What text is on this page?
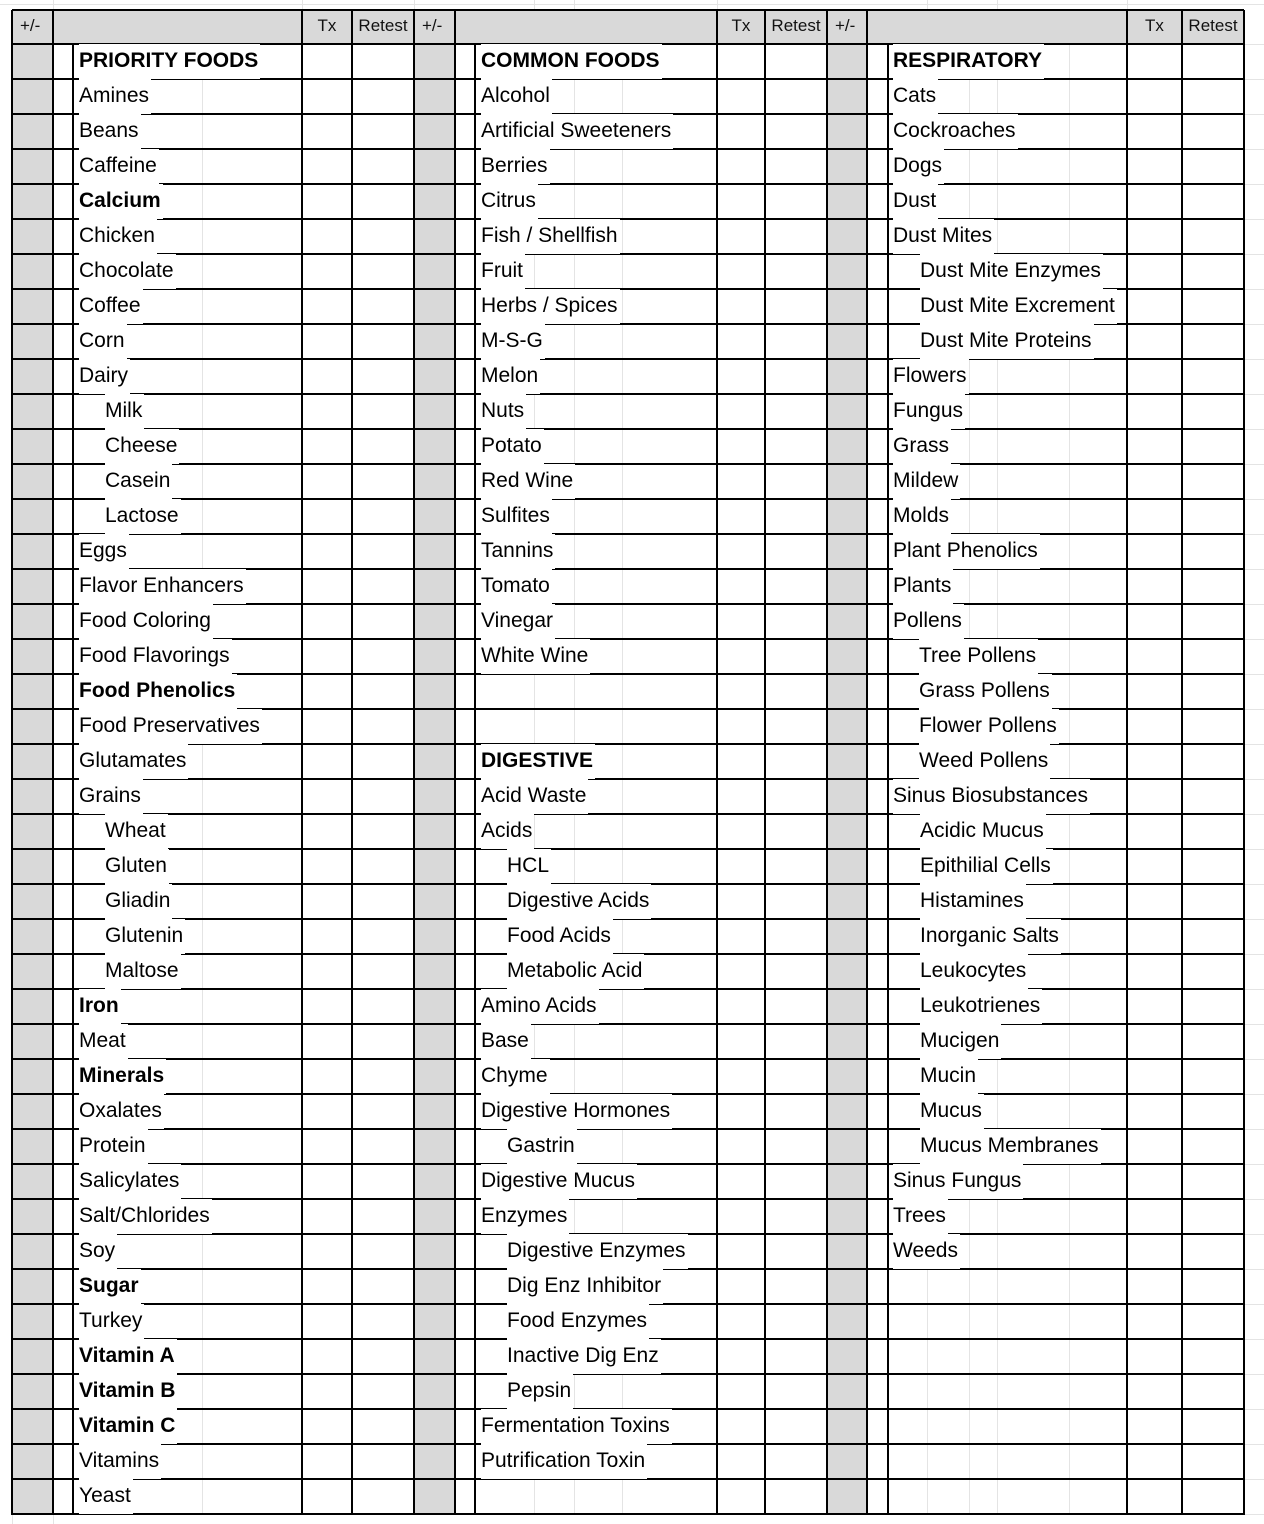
+/-	Tx	Retest
PRIORITY FOODS
Amines
Beans
Caffeine
Calcium
Chicken
Chocolate
Coffee
Corn
Dairy
Milk
Cheese
Casein
Lactose
Eggs
Flavor Enhancers
Food Coloring
Food Flavorings
Food Phenolics
Food Preservatives
Glutamates
Grains
Wheat
Gluten
Gliadin
Glutenin
Maltose
Iron
Meat
Minerals
Oxalates
Protein
Salicylates
Salt/Chlorides
Soy
Sugar
Turkey
Vitamin A
Vitamin B
Vitamin C
Vitamins
Yeast
+/-	Tx	Retest
COMMON FOODS
Alcohol
Artificial Sweeteners
Berries
Citrus
Fish / Shellfish
Fruit
Herbs / Spices
M-S-G
Melon
Nuts
Potato
Red Wine
Sulfites
Tannins
Tomato
Vinegar
White Wine
DIGESTIVE
Acid Waste
Acids
HCL
Digestive Acids
Food Acids
Metabolic Acid
Amino Acids
Base
Chyme
Digestive Hormones
Gastrin
Digestive Mucus
Enzymes
Digestive Enzymes
Dig Enz Inhibitor
Food Enzymes
Inactive Dig Enz
Pepsin
Fermentation Toxins
Putrification Toxin
+/-	Tx	Retest
RESPIRATORY
Cats
Cockroaches
Dogs
Dust
Dust Mites
Dust Mite Enzymes
Dust Mite Excrement
Dust Mite Proteins
Flowers
Fungus
Grass
Mildew
Molds
Plant Phenolics
Plants
Pollens
Tree Pollens
Grass Pollens
Flower Pollens
Weed Pollens
Sinus Biosubstances
Acidic Mucus
Epithilial Cells
Histamines
Inorganic Salts
Leukocytes
Leukotrienes
Mucigen
Mucin
Mucus
Mucus Membranes
Sinus Fungus
Trees
Weeds
